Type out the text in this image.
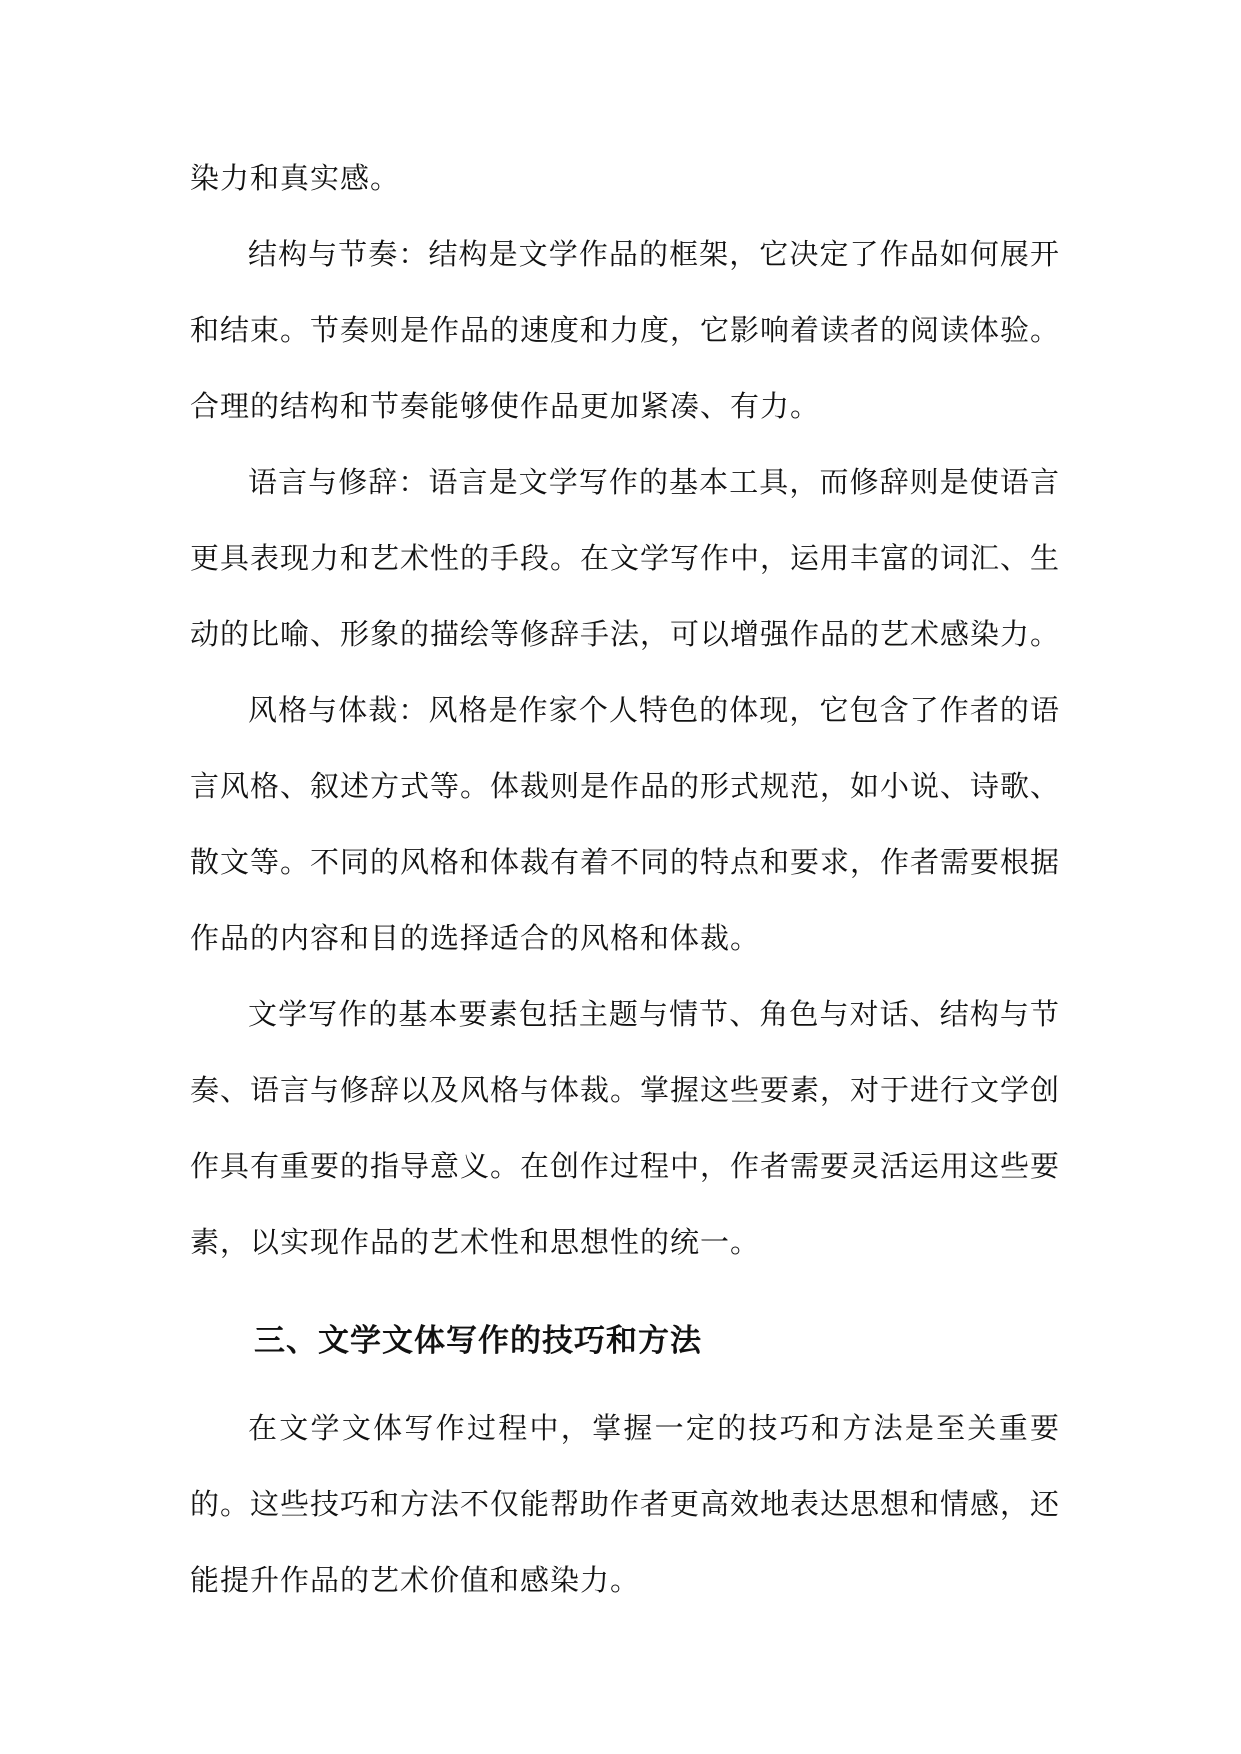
染力和真实感。

结构与节奏：结构是文学作品的框架，它决定了作品如何展开和结束。节奏则是作品的速度和力度，它影响着读者的阅读体验。合理的结构和节奏能够使作品更加紧凑、有力。

语言与修辞：语言是文学写作的基本工具，而修辞则是使语言更具表现力和艺术性的手段。在文学写作中，运用丰富的词汇、生动的比喻、形象的描绘等修辞手法，可以增强作品的艺术感染力。

风格与体裁：风格是作家个人特色的体现，它包含了作者的语言风格、叙述方式等。体裁则是作品的形式规范，如小说、诗歌、散文等。不同的风格和体裁有着不同的特点和要求，作者需要根据作品的内容和目的选择适合的风格和体裁。

文学写作的基本要素包括主题与情节、角色与对话、结构与节奏、语言与修辞以及风格与体裁。掌握这些要素，对于进行文学创作具有重要的指导意义。在创作过程中，作者需要灵活运用这些要素，以实现作品的艺术性和思想性的统一。

三、文学文体写作的技巧和方法

在文学文体写作过程中，掌握一定的技巧和方法是至关重要的。这些技巧和方法不仅能帮助作者更高效地表达思想和情感，还能提升作品的艺术价值和感染力。
